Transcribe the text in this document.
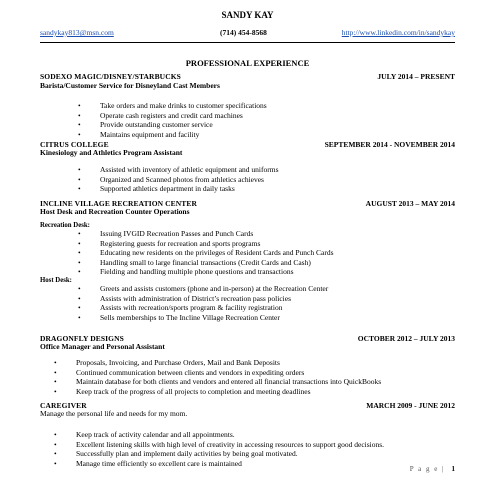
SANDY KAY
sandykay813@msn.com	(714) 454-8568	http://www.linkedin.com/in/sandykay
PROFESSIONAL EXPERIENCE
SODEXO MAGIC/DISNEY/STARBUCKS	JULY 2014 – PRESENT
Barista/Customer Service for Disneyland Cast Members
•	Take orders and make drinks to customer specifications
•	Operate cash registers and credit card machines
•	Provide outstanding customer service
•	Maintains equipment and facility
CITRUS COLLEGE	SEPTEMBER 2014 - NOVEMBER 2014
Kinesiology and Athletics Program Assistant
•	Assisted with inventory of athletic equipment and uniforms
•	Organized and Scanned photos from athletics achieves
•	Supported athletics department in daily tasks
INCLINE VILLAGE RECREATION CENTER	AUGUST 2013 – MAY 2014
Host Desk and Recreation Counter Operations
Recreation Desk:
•	Issuing IVGID Recreation Passes and Punch Cards
•	Registering guests for recreation and sports programs
•	Educating new residents on the privileges of Resident Cards and Punch Cards
•	Handling small to large financial transactions (Credit Cards and Cash)
•	Fielding and handling multiple phone questions and transactions
Host Desk:
•	Greets and assists customers (phone and in-person) at the Recreation Center
•	Assists with administration of District’s recreation pass policies
•	Assists with recreation/sports program & facility registration
•	Sells memberships to The Incline Village Recreation Center
DRAGONFLY DESIGNS	OCTOBER 2012 – JULY 2013
Office Manager and Personal Assistant
•	Proposals, Invoicing, and Purchase Orders, Mail and Bank Deposits
•	Continued communication between clients and vendors in expediting orders
•	Maintain database for both clients and vendors and entered all financial transactions into QuickBooks
•	Keep track of the progress of all projects to completion and meeting deadlines
CAREGIVER	MARCH 2009 - JUNE 2012
Manage the personal life and needs for my mom.
•	Keep track of activity calendar and all appointments.
•	Excellent listening skills with high level of creativity in accessing resources to support good decisions.
•	Successfully plan and implement daily activities by being goal motivated.
•	Manage time efficiently so excellent care is maintained
P a g e | 1
